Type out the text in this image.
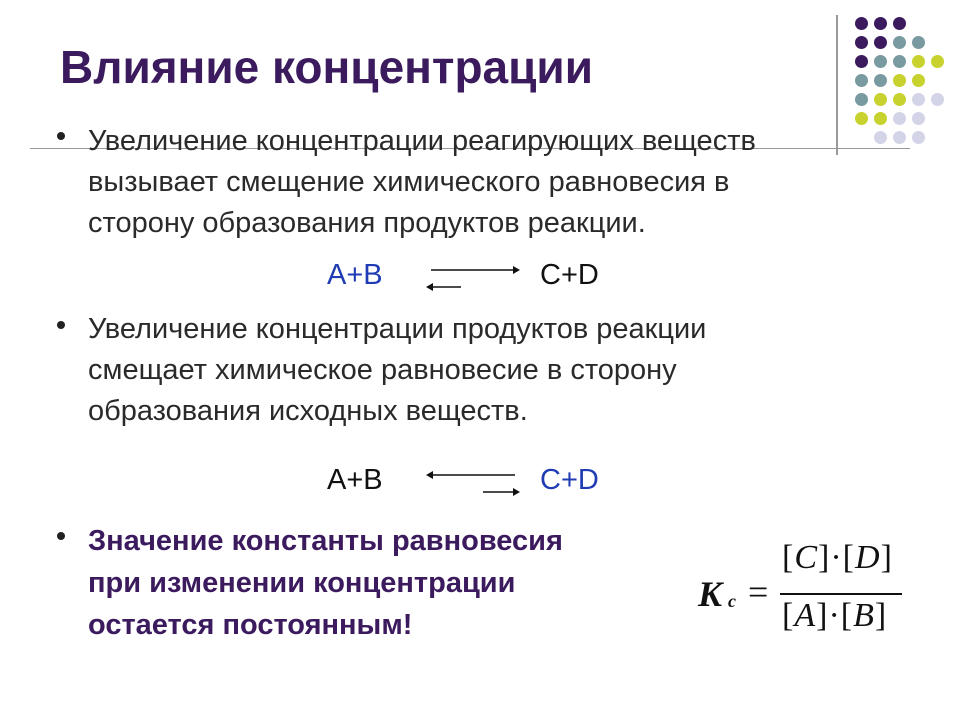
Влияние концентрации
Увеличение концентрации реагирующих веществ
вызывает смещение химического равновесия в
сторону образования продуктов реакции.
A+B	C+D
Увеличение концентрации продуктов реакции
смещает химическое равновесие в сторону
образования исходных веществ.
A+B	C+D
Значение константы равновесия
при изменении концентрации
остается постоянным!
K c =
[C]·[D]
[A]·[B]
